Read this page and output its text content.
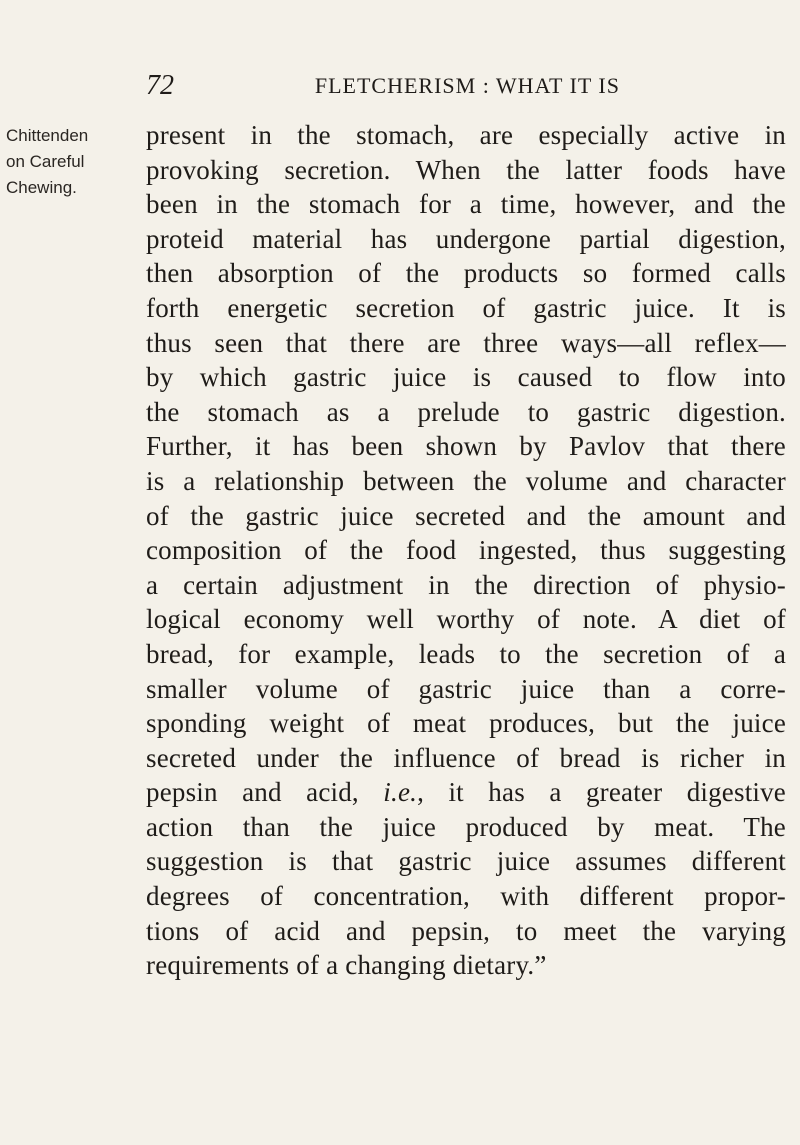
72	FLETCHERISM : WHAT IT IS
Chittenden
on Careful
Chewing.
present in the stomach, are especially active in
provoking secretion. When the latter foods have
been in the stomach for a time, however, and the
proteid material has undergone partial digestion,
then absorption of the products so formed calls
forth energetic secretion of gastric juice. It is
thus seen that there are three ways—all reflex—
by which gastric juice is caused to flow into
the stomach as a prelude to gastric digestion.
Further, it has been shown by Pavlov that there
is a relationship between the volume and character
of the gastric juice secreted and the amount and
composition of the food ingested, thus suggesting
a certain adjustment in the direction of physio-
logical economy well worthy of note. A diet of
bread, for example, leads to the secretion of a
smaller volume of gastric juice than a corre-
sponding weight of meat produces, but the juice
secreted under the influence of bread is richer in
pepsin and acid, i.e., it has a greater digestive
action than the juice produced by meat. The
suggestion is that gastric juice assumes different
degrees of concentration, with different propor-
tions of acid and pepsin, to meet the varying
requirements of a changing dietary.”
